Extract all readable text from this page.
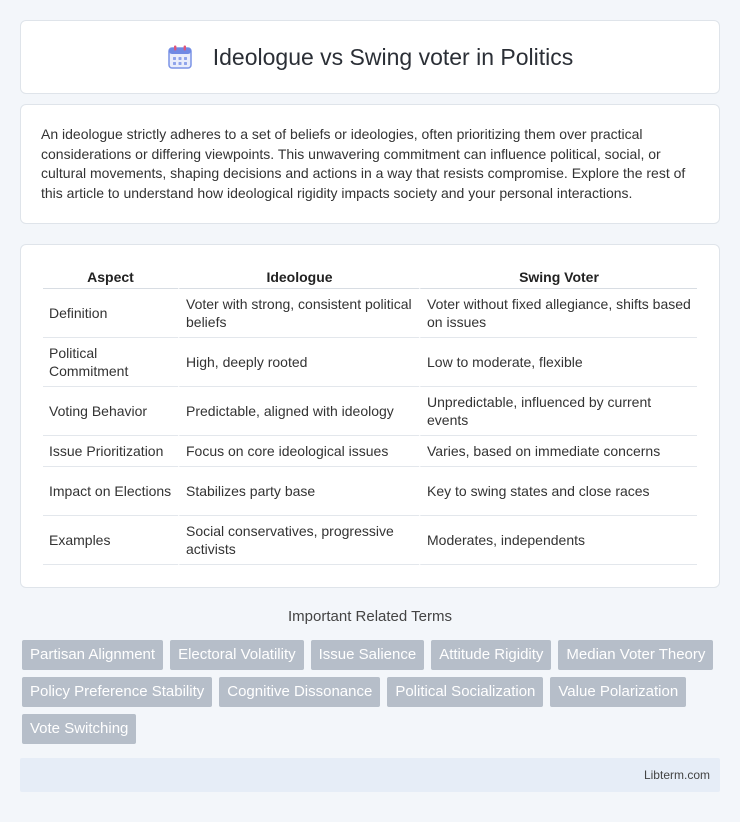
Ideologue vs Swing voter in Politics

An ideologue strictly adheres to a set of beliefs or ideologies, often prioritizing them over practical considerations or differing viewpoints. This unwavering commitment can influence political, social, or cultural movements, shaping decisions and actions in a way that resists compromise. Explore the rest of this article to understand how ideological rigidity impacts society and your personal interactions.

Aspect	Ideologue	Swing Voter
Definition	Voter with strong, consistent political beliefs	Voter without fixed allegiance, shifts based on issues
Political Commitment	High, deeply rooted	Low to moderate, flexible
Voting Behavior	Predictable, aligned with ideology	Unpredictable, influenced by current events
Issue Prioritization	Focus on core ideological issues	Varies, based on immediate concerns
Impact on Elections	Stabilizes party base	Key to swing states and close races
Examples	Social conservatives, progressive activists	Moderates, independents
Important Related Terms
Partisan Alignment	Electoral Volatility	Issue Salience	Attitude Rigidity	Median Voter Theory
Policy Preference Stability	Cognitive Dissonance	Political Socialization	Value Polarization
Vote Switching
Libterm.com
